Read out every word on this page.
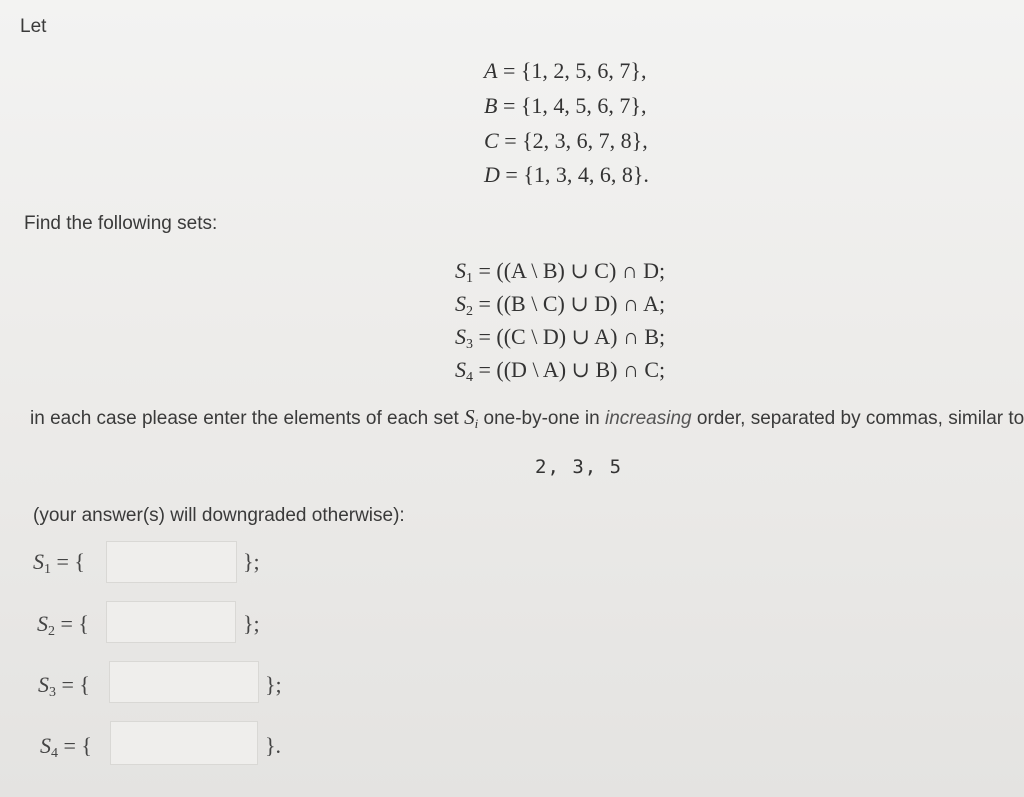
Let
A = {1, 2, 5, 6, 7},
B = {1, 4, 5, 6, 7},
C = {2, 3, 6, 7, 8},
D = {1, 3, 4, 6, 8}.
Find the following sets:
$S_1 = ((A$ \ B) ∪ C) ∩ D;
$S_2 = ((B$ \ C) ∪ D) ∩ A;
$S_3 = ((C$ \ D) ∪ A) ∩ B;
$S_4 = ((D$ \ A) ∪ B) ∩ C;
in each case please enter the elements of each set $S_i$ one-by-one in increasing order, separated by commas, similar to
2, 3, 5
(your answer(s) will downgraded otherwise):
$S_1$ = {	};
$S_2$ = {	};
$S_3$ = {	};
$S_4$ = {	}.
